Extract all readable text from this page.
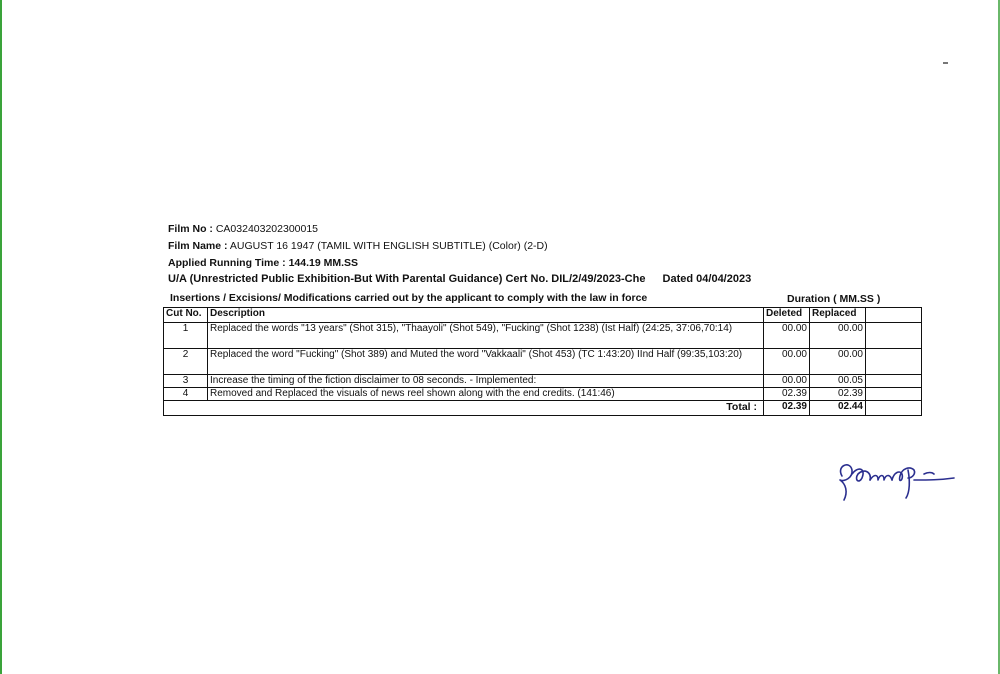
Film No : CA032403202300015
Film Name : AUGUST 16 1947 (TAMIL WITH ENGLISH SUBTITLE) (Color) (2-D)
Applied Running Time : 144.19 MM.SS
U/A (Unrestricted Public Exhibition-But With Parental Guidance) Cert No. DIL/2/49/2023-Che Dated 04/04/2023
Insertions / Excisions/ Modifications carried out by the applicant to comply with the law in force	Duration ( MM.SS )
Cut No.	Description	Deleted	Replaced	
1	Replaced the words "13 years" (Shot 315), "Thaayoli" (Shot 549), "Fucking" (Shot 1238) (Ist Half) (24:25, 37:06,70:14)	00.00	00.00	
2	Replaced the word "Fucking" (Shot 389) and Muted the word "Vakkaali" (Shot 453) (TC 1:43:20) IInd Half (99:35,103:20)	00.00	00.00	
3	Increase the timing of the fiction disclaimer to 08 seconds. - Implemented:	00.00	00.05	
4	Removed and Replaced the visuals of news reel shown along with the end credits. (141:46)	02.39	02.39	
	Total :	02.39	02.44	
